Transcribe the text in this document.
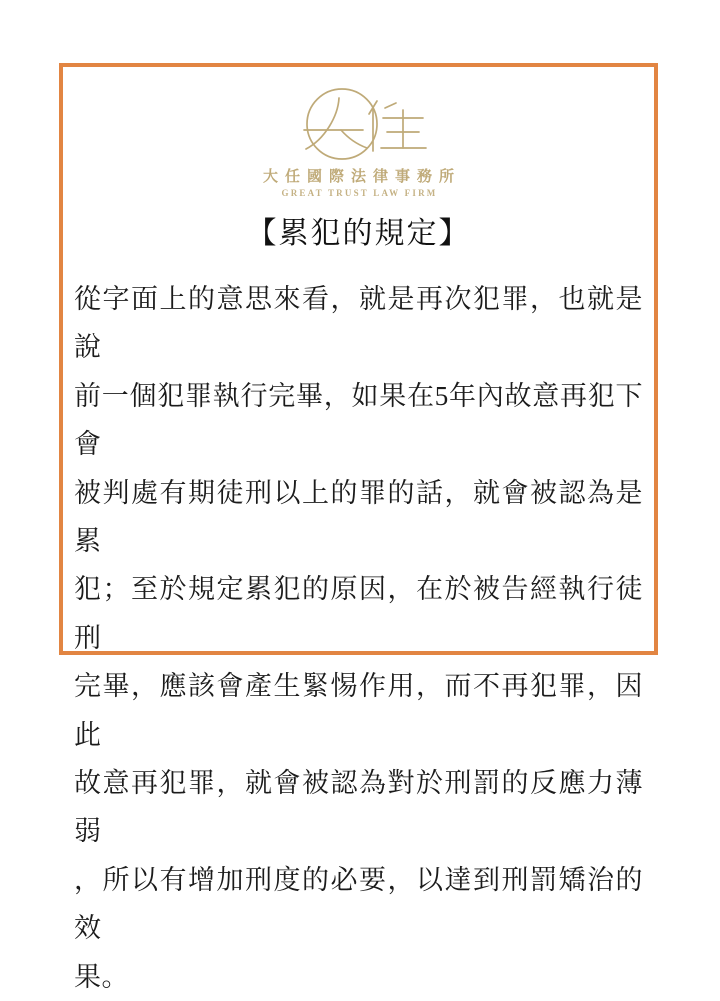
大任國際法律事務所
GREAT TRUST LAW FIRM
【累犯的規定】
從字面上的意思來看，就是再次犯罪，也就是說
前一個犯罪執行完畢，如果在5年內故意再犯下會
被判處有期徒刑以上的罪的話，就會被認為是累
犯；至於規定累犯的原因，在於被告經執行徒刑
完畢，應該會產生緊惕作用，而不再犯罪，因此
故意再犯罪，就會被認為對於刑罰的反應力薄弱
，所以有增加刑度的必要，以達到刑罰矯治的效
果。
